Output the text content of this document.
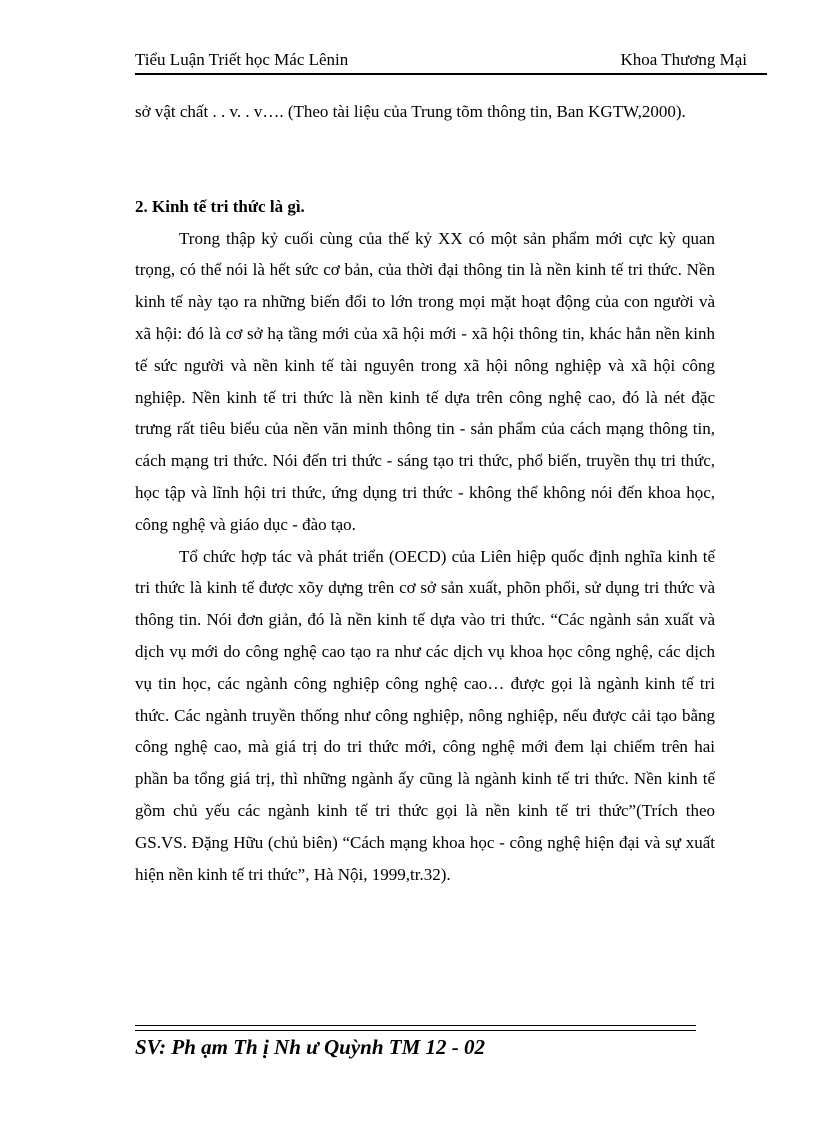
Tiểu Luận Triết học Mác Lênin	Khoa Thương Mại

sở vật chất . . v. . v…. (Theo tài liệu của Trung tõm thông tin, Ban KGTW,2000).

2. Kinh tế tri thức là gì.

Trong thập kỷ cuối cùng của thế kỷ XX có một sản phẩm mới cực kỳ quan trọng, có thể nói là hết sức cơ bản, của thời đại thông tin là nền kinh tế tri thức. Nền kinh tế này tạo ra những biến đổi to lớn trong mọi mặt hoạt động của con người và xã hội: đó là cơ sở hạ tầng mới của xã hội mới - xã hội thông tin, khác hẳn nền kinh tế sức người và nền kinh tế tài nguyên trong xã hội nông nghiệp và xã hội công nghiệp. Nền kinh tế tri thức là nền kinh tế dựa trên công nghệ cao, đó là nét đặc trưng rất tiêu biểu của nền văn minh thông tin - sản phẩm của cách mạng thông tin, cách mạng tri thức. Nói đến tri thức - sáng tạo tri thức, phổ biến, truyền thụ tri thức, học tập và lĩnh hội tri thức, ứng dụng tri thức - không thể không nói đến khoa học, công nghệ và giáo dục - đào tạo.

Tổ chức hợp tác và phát triển (OECD) của Liên hiệp quốc định nghĩa kinh tế tri thức là kinh tế được xõy dựng trên cơ sở sản xuất, phõn phối, sử dụng tri thức và thông tin. Nói đơn giản, đó là nền kinh tế dựa vào tri thức. “Các ngành sản xuất và dịch vụ mới do công nghệ cao tạo ra như các dịch vụ khoa học công nghệ, các dịch vụ tin học, các ngành công nghiệp công nghệ cao… được gọi là ngành kinh tế tri thức. Các ngành truyền thống như công nghiệp, nông nghiệp, nếu được cải tạo bằng công nghệ cao, mà giá trị do tri thức mới, công nghệ mới đem lại chiếm trên hai phần ba tổng giá trị, thì những ngành ấy cũng là ngành kinh tế tri thức. Nền kinh tế gồm chủ yếu các ngành kinh tế tri thức gọi là nền kinh tế tri thức”(Trích theo GS.VS. Đặng Hữu (chủ biên) “Cách mạng khoa học - công nghệ hiện đại và sự xuất hiện nền kinh tế tri thức”, Hà Nội, 1999,tr.32).

SV: Ph ạm Th ị Nh ư Quỳnh TM 12 - 02
